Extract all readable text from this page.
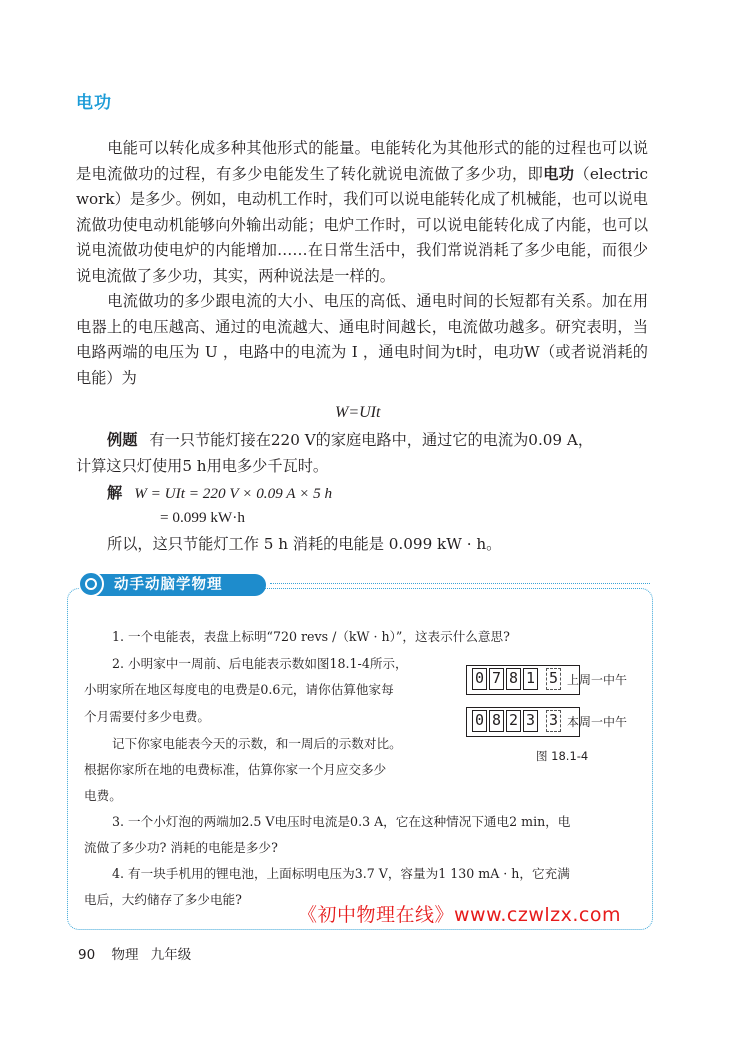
电功
电能可以转化成多种其他形式的能量。电能转化为其他形式的能的过程也可以说是电流做功的过程，有多少电能发生了转化就说电流做了多少功，即电功（electric work）是多少。例如，电动机工作时，我们可以说电能转化成了机械能，也可以说电流做功使电动机能够向外输出动能；电炉工作时，可以说电能转化成了内能，也可以说电流做功使电炉的内能增加……在日常生活中，我们常说消耗了多少电能，而很少说电流做了多少功，其实，两种说法是一样的。
电流做功的多少跟电流的大小、电压的高低、通电时间的长短都有关系。加在用电器上的电压越高、通过的电流越大、通电时间越长，电流做功越多。研究表明，当电路两端的电压为 U ，电路中的电流为 I ，通电时间为t时，电功W（或者说消耗的电能）为
W=UIt
例题 有一只节能灯接在220 V的家庭电路中，通过它的电流为0.09 A，
计算这只灯使用5 h用电多少千瓦时。
解 W = UIt = 220 V × 0.09 A × 5 h
= 0.099 kW·h
所以，这只节能灯工作 5 h 消耗的电能是 0.099 kW · h。
动手动脑学物理
1. 一个电能表，表盘上标明“720 revs /（kW · h）”，这表示什么意思?
2. 小明家中一周前、后电能表示数如图18.1-4所示，
小明家所在地区每度电的电费是0.6元，请你估算他家每
个月需要付多少电费。
记下你家电能表今天的示数，和一周后的示数对比。
根据你家所在地的电费标准，估算你家一个月应交多少
电费。
3. 一个小灯泡的两端加2.5 V电压时电流是0.3 A，它在这种情况下通电2 min，电
流做了多少功? 消耗的电能是多少?
4. 有一块手机用的锂电池，上面标明电压为3.7 V，容量为1 130 mA · h，它充满
电后，大约储存了多少电能?
0 7 8 1 5 上周一中午
0 8 2 3 3 本周一中午
图 18.1-4
《初中物理在线》www.czwlzx.com
90 物理 九年级
